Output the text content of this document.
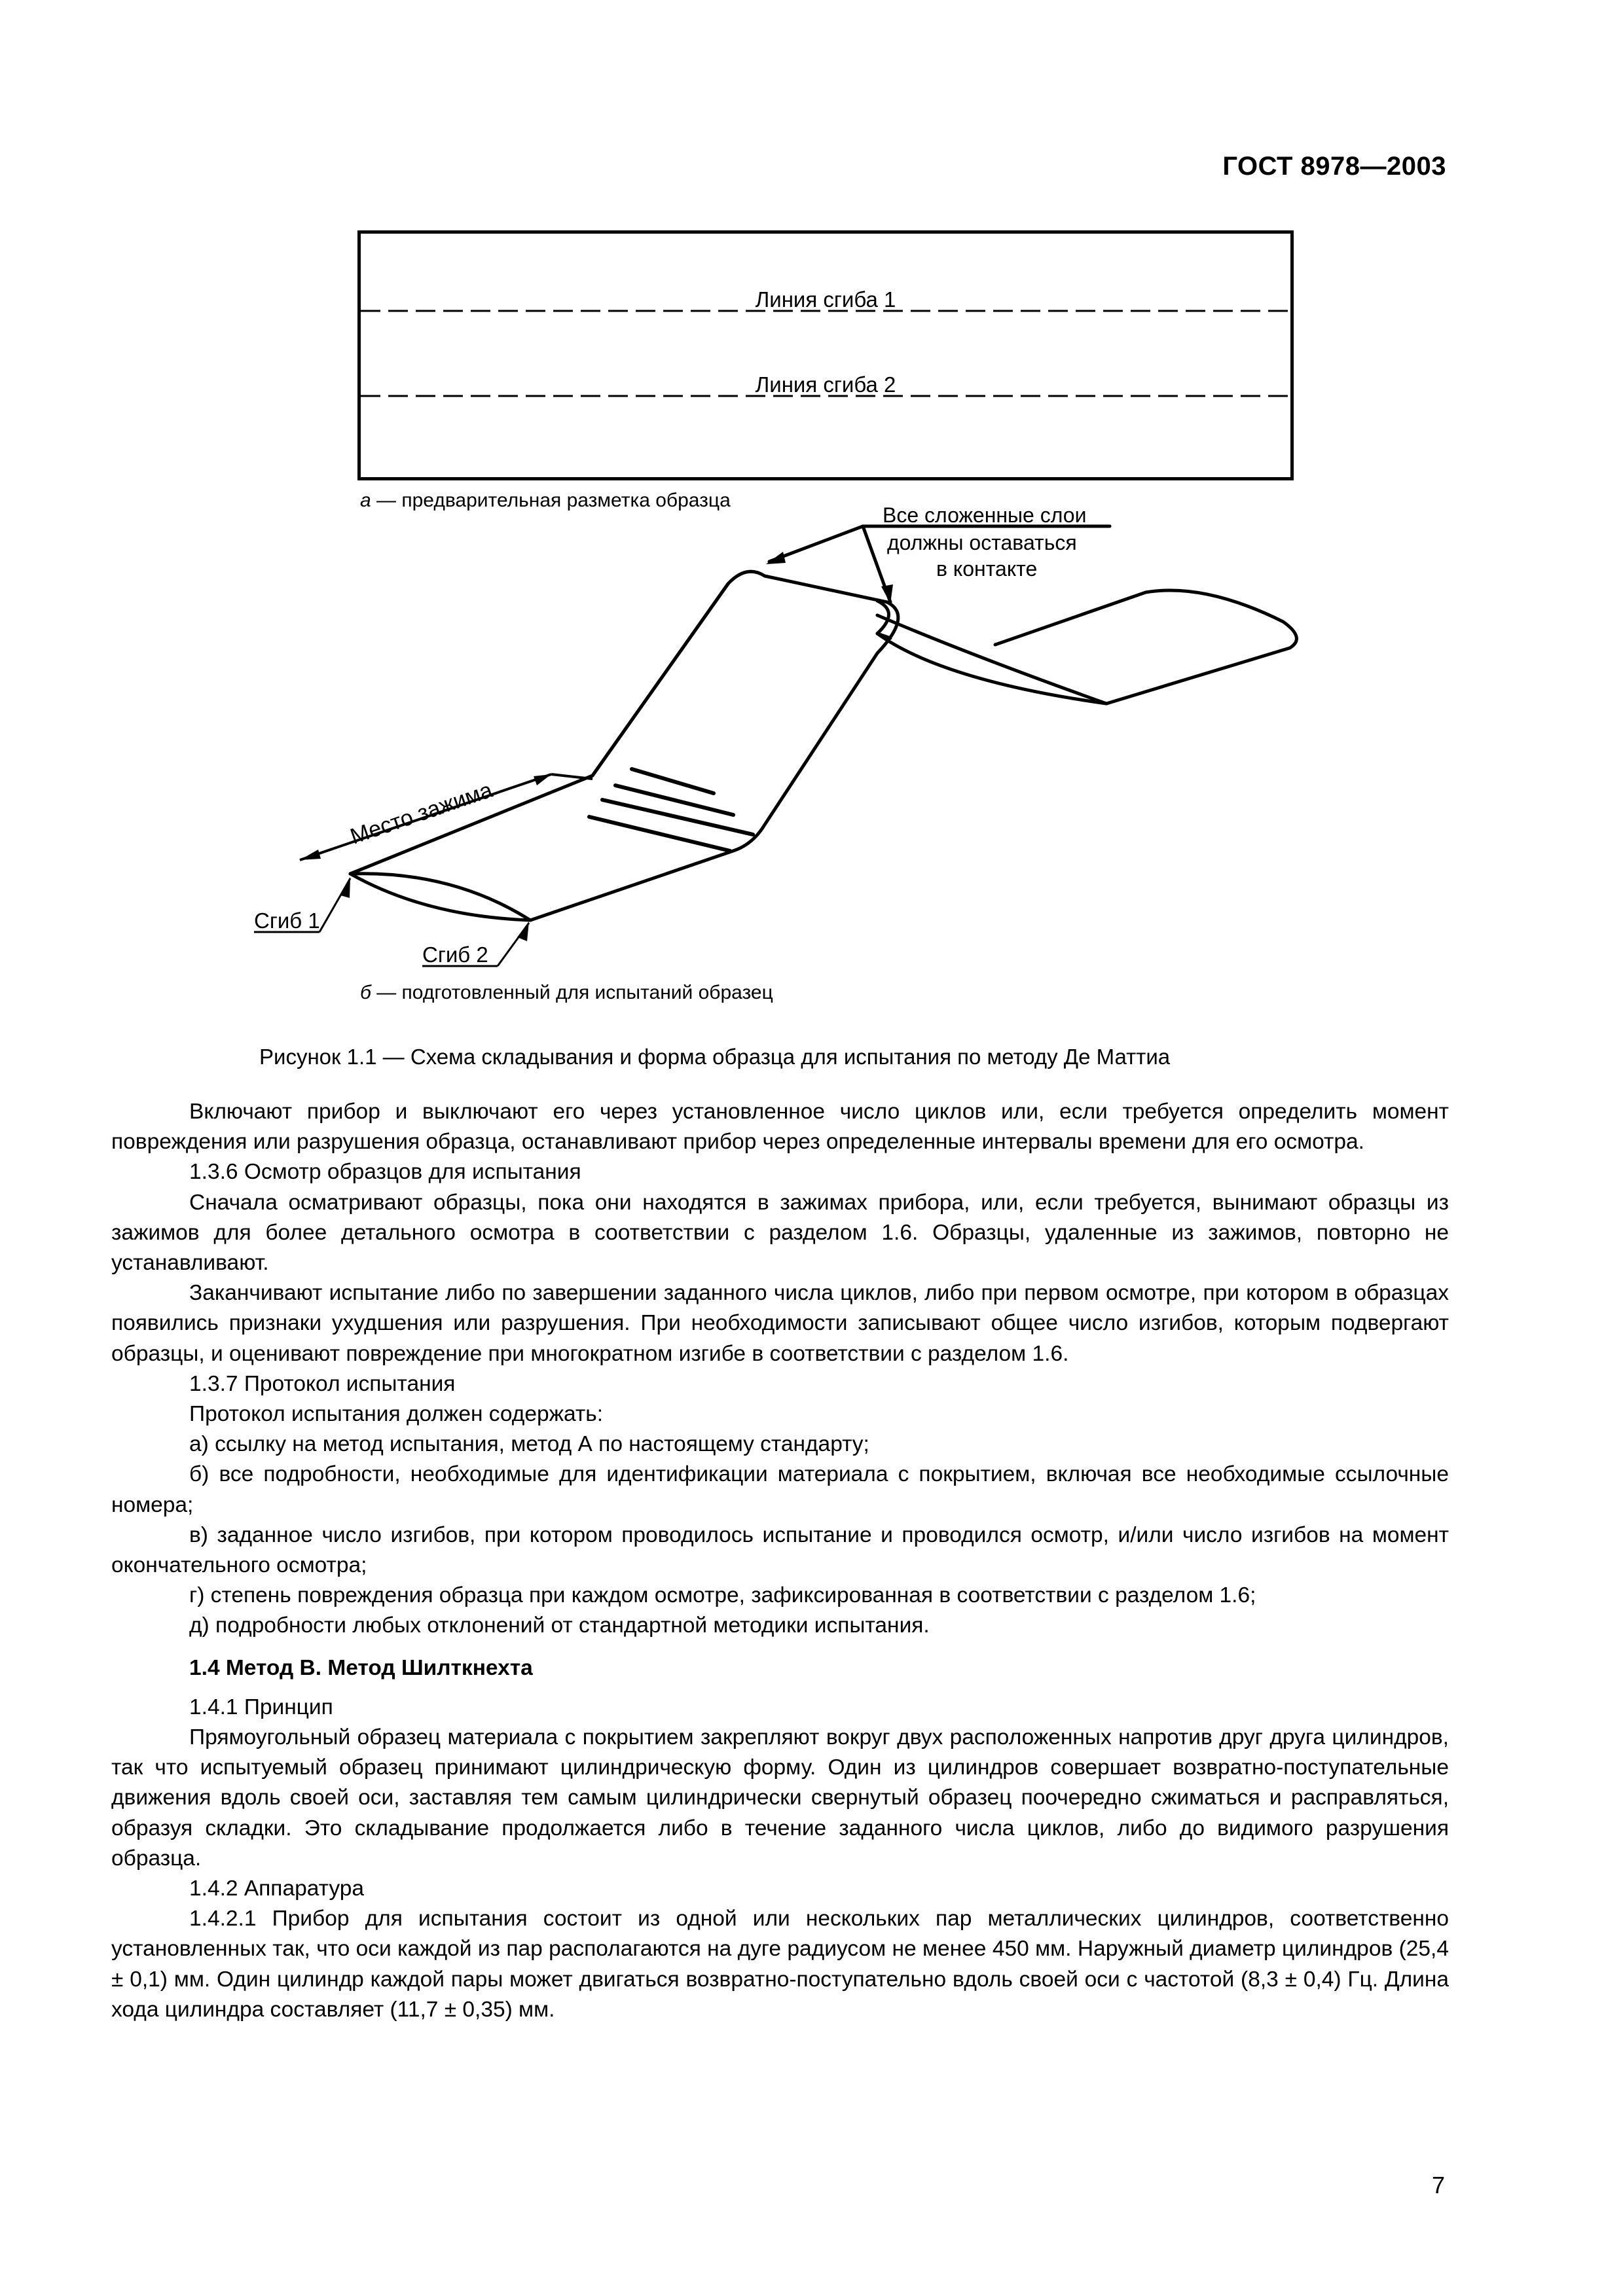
ГОСТ 8978—2003
Линия сгиба 1
Линия сгиба 2
а — предварительная разметка образца
Место зажима
Сгиб 1
Сгиб 2
Все сложенные слои
должны оставаться
в контакте
б — подготовленный для испытаний образец
Рисунок 1.1 — Схема складывания и форма образца для испытания по методу Де Маттиа

Включают прибор и выключают его через установленное число циклов или, если требуется определить момент повреждения или разрушения образца, останавливают прибор через определенные интервалы времени для его осмотра.

1.3.6 Осмотр образцов для испытания

Сначала осматривают образцы, пока они находятся в зажимах прибора, или, если требуется, вынимают образцы из зажимов для более детального осмотра в соответствии с разделом 1.6. Образцы, удаленные из зажимов, повторно не устанавливают.

Заканчивают испытание либо по завершении заданного числа циклов, либо при первом осмотре, при котором в образцах появились признаки ухудшения или разрушения. При необходимости записывают общее число изгибов, которым подвергают образцы, и оценивают повреждение при многократном изгибе в соответствии с разделом 1.6.

1.3.7 Протокол испытания

Протокол испытания должен содержать:

а) ссылку на метод испытания, метод А по настоящему стандарту;

б) все подробности, необходимые для идентификации материала с покрытием, включая все необходимые ссылочные номера;

в) заданное число изгибов, при котором проводилось испытание и проводился осмотр, и/или число изгибов на момент окончательного осмотра;

г) степень повреждения образца при каждом осмотре, зафиксированная в соответствии с разделом 1.6;

д) подробности любых отклонений от стандартной методики испытания.

1.4 Метод В. Метод Шилткнехта

1.4.1 Принцип

Прямоугольный образец материала с покрытием закрепляют вокруг двух расположенных напротив друг друга цилиндров, так что испытуемый образец принимают цилиндрическую форму. Один из цилиндров совершает возвратно-поступательные движения вдоль своей оси, заставляя тем самым цилиндрически свернутый образец поочередно сжиматься и расправляться, образуя складки. Это складывание продолжается либо в течение заданного числа циклов, либо до видимого разрушения образца.

1.4.2 Аппаратура

1.4.2.1 Прибор для испытания состоит из одной или нескольких пар металлических цилиндров, соответственно установленных так, что оси каждой из пар располагаются на дуге радиусом не менее 450 мм. Наружный диаметр цилиндров (25,4 ± 0,1) мм. Один цилиндр каждой пары может двигаться возвратно-поступательно вдоль своей оси с частотой (8,3 ± 0,4) Гц. Длина хода цилиндра составляет (11,7 ± 0,35) мм.

7
